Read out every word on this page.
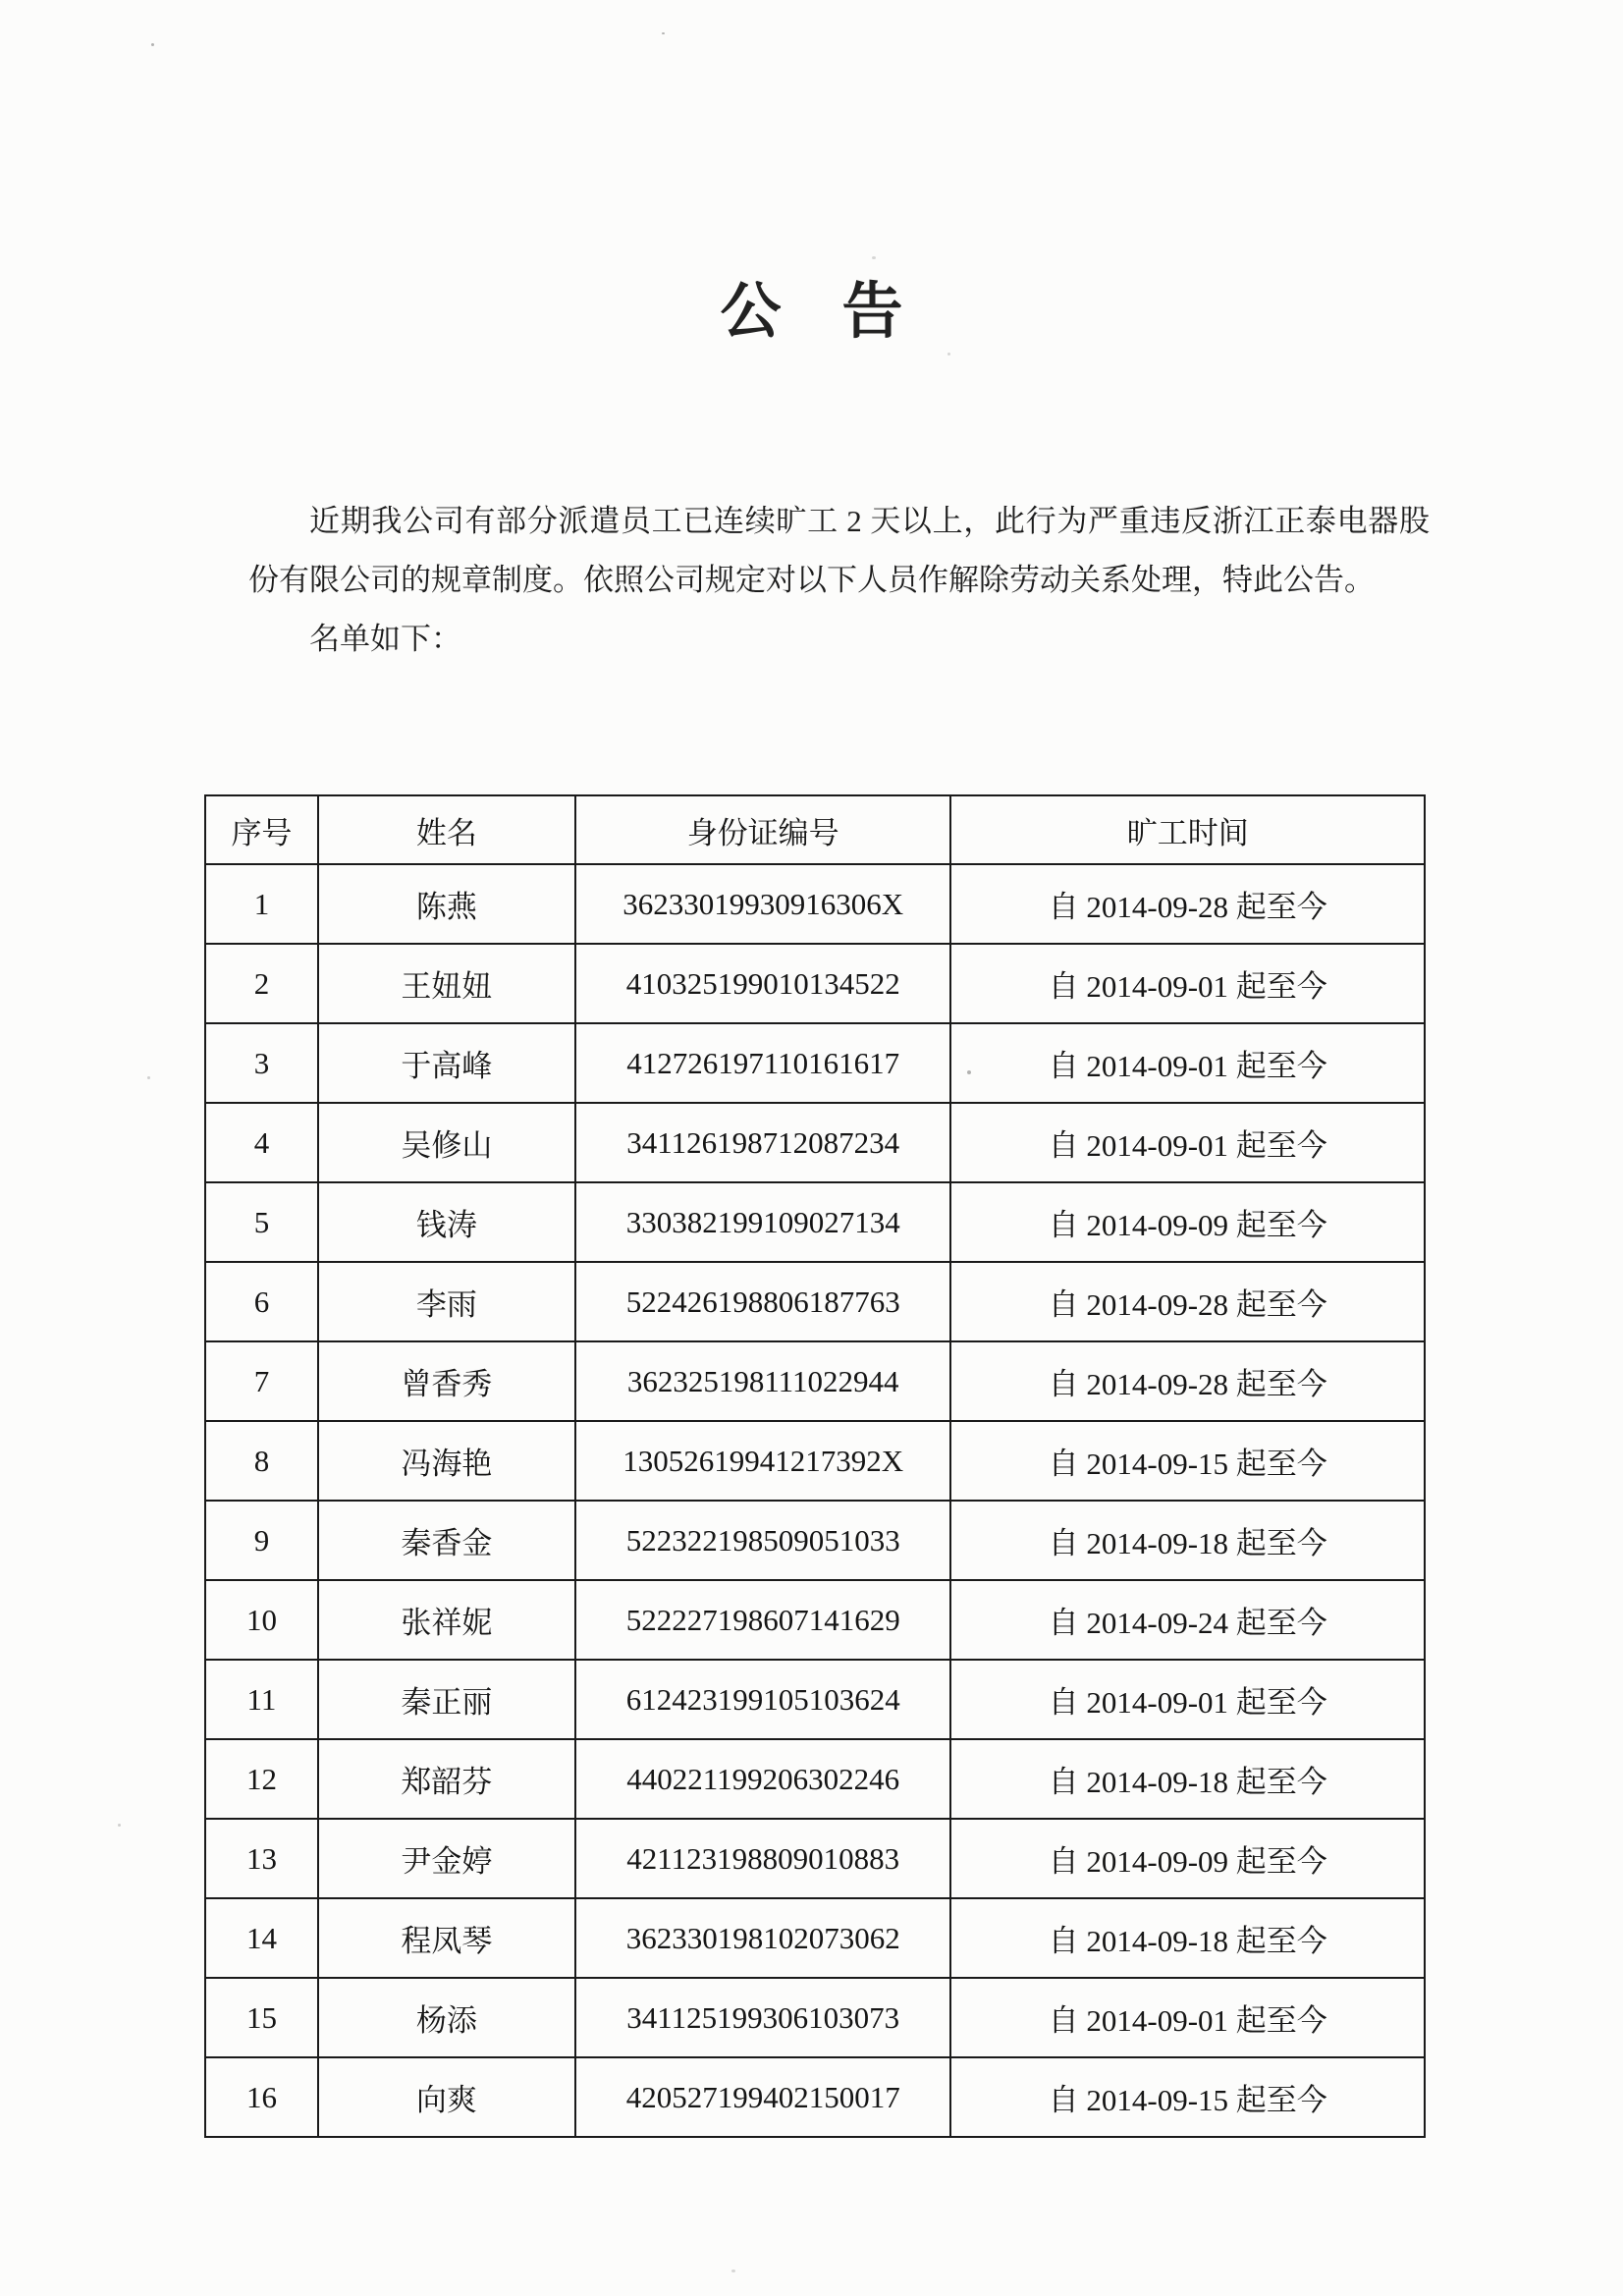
公　告

近期我公司有部分派遣员工已连续旷工 2 天以上，此行为严重违反浙江正泰电器股份有限公司的规章制度。依照公司规定对以下人员作解除劳动关系处理，特此公告。

名单如下：

序号	姓名	身份证编号	旷工时间
1	陈燕	36233019930916306X	自 2014-09-28 起至今
2	王妞妞	410325199010134522	自 2014-09-01 起至今
3	于高峰	412726197110161617	自 2014-09-01 起至今
4	吴修山	341126198712087234	自 2014-09-01 起至今
5	钱涛	330382199109027134	自 2014-09-09 起至今
6	李雨	522426198806187763	自 2014-09-28 起至今
7	曾香秀	362325198111022944	自 2014-09-28 起至今
8	冯海艳	13052619941217392X	自 2014-09-15 起至今
9	秦香金	522322198509051033	自 2014-09-18 起至今
10	张祥妮	522227198607141629	自 2014-09-24 起至今
11	秦正丽	612423199105103624	自 2014-09-01 起至今
12	郑韶芬	440221199206302246	自 2014-09-18 起至今
13	尹金婷	421123198809010883	自 2014-09-09 起至今
14	程凤琴	362330198102073062	自 2014-09-18 起至今
15	杨添	341125199306103073	自 2014-09-01 起至今
16	向爽	420527199402150017	自 2014-09-15 起至今
